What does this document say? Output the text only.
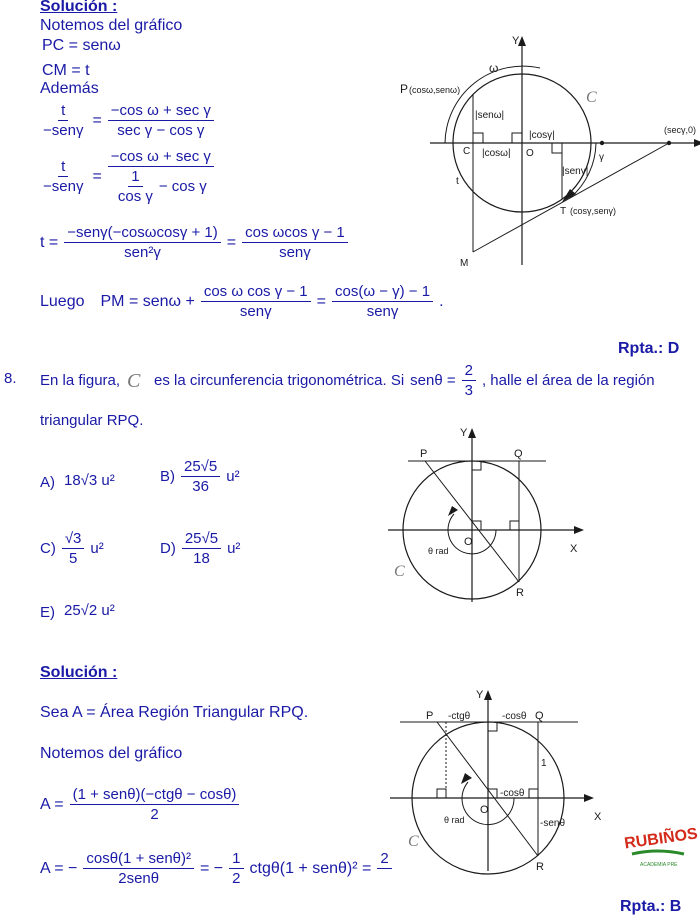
Solución :
Notemos del gráfico
PC = senω
CM = t
Además
$\frac{t}{\text{−senγ}} = \frac{\text{−cos ω + sec γ}}{\text{sec γ − cos γ}}$
$\frac{t}{\text{−senγ}} = \frac{\text{−cos ω + sec γ}}{\frac{1}{\text{cos γ}} - \cos \gamma}$
$t = \frac{\text{−senγ(−cosωcosγ + 1)}}{\text{sen²γ}} = \frac{\text{cos ωcos γ − 1}}{\text{senγ}}$
Luego PM = $sen\omega + \frac{\text{cos ω cos γ − 1}}{\text{senγ}} = \frac{\cos(\omega - \gamma) - 1}{\text{senγ}}$ .
Rpta.: D
Y
ω
P (cosω,senω)	C
|senω|
|cosγ|
C |cosω| O	γ
|senγ|
t
T (cosγ,senγ)
M
(secγ,0)
8. En la figura, C es la circunferencia trigonométrica. Si $sen\theta = \frac{2}{3}$ , halle el área de la región
triangular RPQ.
A) 18√3 u²	$B) \frac{25√5}{36} u^2$
$C) \frac{√3}{5} u^2$	$D) \frac{25√5}{18} u^2$
E) 25√2 u²
Y
P	Q
O
θ rad	X
R
C
Solución :
Sea A = Área Región Triangular RPQ.
Notemos del gráfico
$A = \frac{\text{(1 + senθ)(−ctgθ − cosθ)}}{2}$
A = − $\frac{\text{cosθ(1 + senθ)²}}{\text{2senθ}}$ = − $\frac{1}{2} ctg\theta(1 + sen\theta)^2$ =
2
Rpta.: B
Y
P -ctgθ	-cosθ Q
1
-cosθ
O
θ rad	-senθ
X
R
C	RUBIÑOS
ACADEMIA PRE
